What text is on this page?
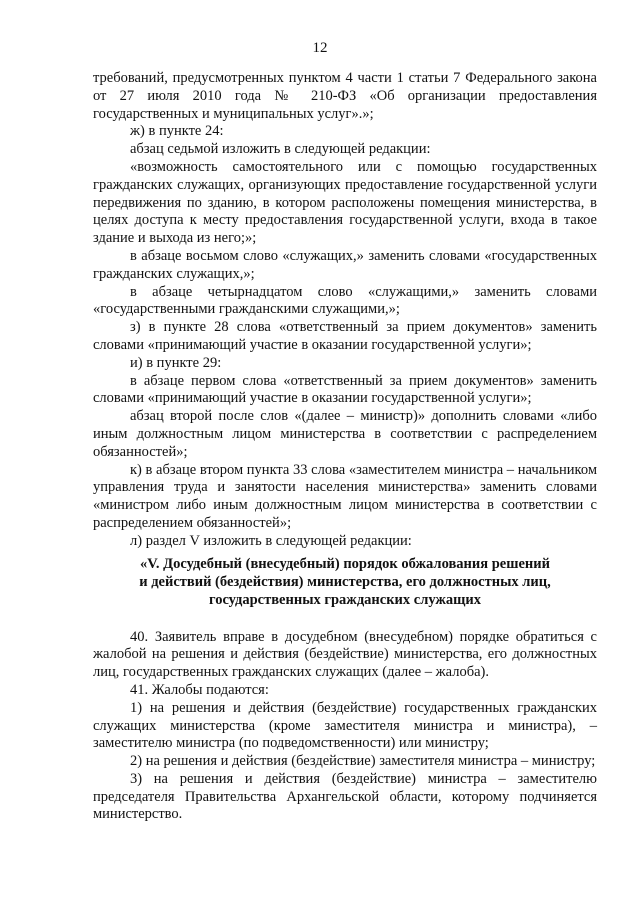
12

требований, предусмотренных пунктом 4 части 1 статьи 7 Федерального закона от 27 июля 2010 года № 210-ФЗ «Об организации предоставления государственных и муниципальных услуг».»;

ж) в пункте 24:

абзац седьмой изложить в следующей редакции:

«возможность самостоятельного или с помощью государственных гражданских служащих, организующих предоставление государственной услуги передвижения по зданию, в котором расположены помещения министерства, в целях доступа к месту предоставления государственной услуги, входа в такое здание и выхода из него;»;

в абзаце восьмом слово «служащих,» заменить словами «государственных гражданских служащих,»;

в абзаце четырнадцатом слово «служащими,» заменить словами «государственными гражданскими служащими,»;

з) в пункте 28 слова «ответственный за прием документов» заменить словами «принимающий участие в оказании государственной услуги»;

и) в пункте 29:

в абзаце первом слова «ответственный за прием документов» заменить словами «принимающий участие в оказании государственной услуги»;

абзац второй после слов «(далее – министр)» дополнить словами «либо иным должностным лицом министерства в соответствии с распределением обязанностей»;

к) в абзаце втором пункта 33 слова «заместителем министра – начальником управления труда и занятости населения министерства» заменить словами «министром либо иным должностным лицом министерства в соответствии с распределением обязанностей»;

л) раздел V изложить в следующей редакции:

«V. Досудебный (внесудебный) порядок обжалования решений
и действий (бездействия) министерства, его должностных лиц,
государственных гражданских служащих

40. Заявитель вправе в досудебном (внесудебном) порядке обратиться с жалобой на решения и действия (бездействие) министерства, его должностных лиц, государственных гражданских служащих (далее – жалоба).

41. Жалобы подаются:

1) на решения и действия (бездействие) государственных гражданских служащих министерства (кроме заместителя министра и министра), – заместителю министра (по подведомственности) или министру;

2) на решения и действия (бездействие) заместителя министра – министру;

3) на решения и действия (бездействие) министра – заместителю председателя Правительства Архангельской области, которому подчиняется министерство.
